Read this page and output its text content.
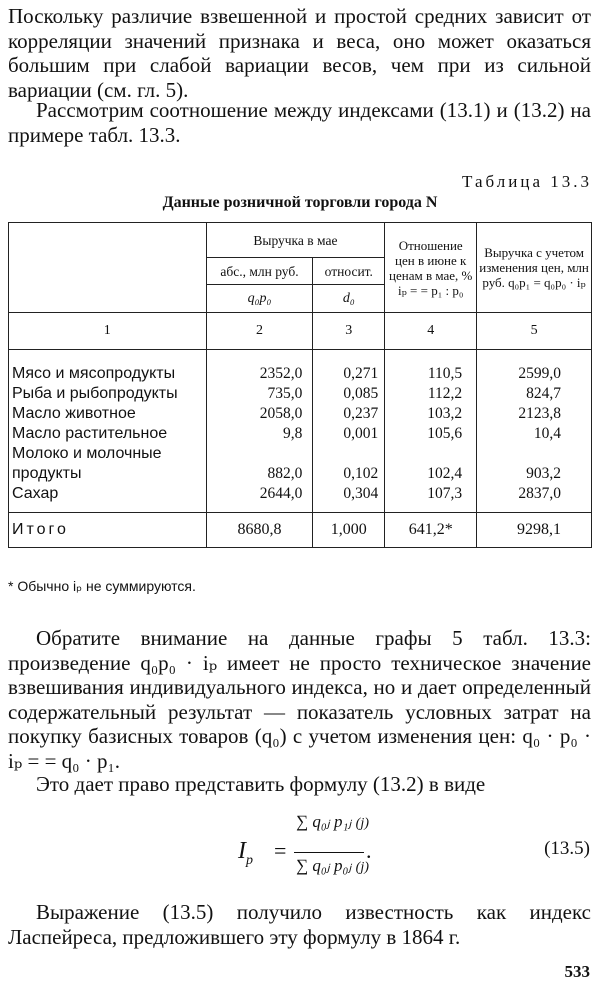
Поскольку различие взвешенной и простой средних зависит от корреляции значений признака и веса, оно может оказаться большим при слабой вариации весов, чем при из сильной вариации (см. гл. 5).

Рассмотрим соотношение между индексами (13.1) и (13.2) на примере табл. 13.3.

Таблица 13.3
Данные розничной торговли города N
	Выручка в мае		Отношение цен в июне к ценам в мае, % iₚ = = p₁ : p₀	Выручка с учетом изменения цен, млн руб. q₀p₁ = q₀p₀ · iₚ
	абс., млн руб.	относит.		
	q₀p₀	d₀		
1	2	3	4	5

Мясо и мясопродукты	2352,0	0,271	110,5	2599,0
Рыба и рыбопродукты	735,0	0,085	112,2	824,7
Масло животное	2058,0	0,237	103,2	2123,8
Масло растительное	9,8	0,001	105,6	10,4
Молоко и молочные				
продукты	882,0	0,102	102,4	903,2
Сахар	2644,0	0,304	107,3	2837,0

Итого	8680,8	1,000	641,2*	9298,1
* Обычно iₚ не суммируются.

Обратите внимание на данные графы 5 табл. 13.3: произведение q₀p₀ · iₚ имеет не просто техническое значение взвешивания индивидуального индекса, но и дает определенный содержательный результат — показатель условных затрат на покупку базисных товаров (q₀) с учетом изменения цен: q₀ · p₀ · iₚ = = q₀ · p₁.

Это дает право представить формулу (13.2) в виде

$I_p$ =
∑ q₀ⱼ p₁ⱼ (j)
∑ q₀ⱼ p₀ⱼ (j)
.	(13.5)

Выражение (13.5) получило известность как индекс Ласпейреса, предложившего эту формулу в 1864 г.

533
